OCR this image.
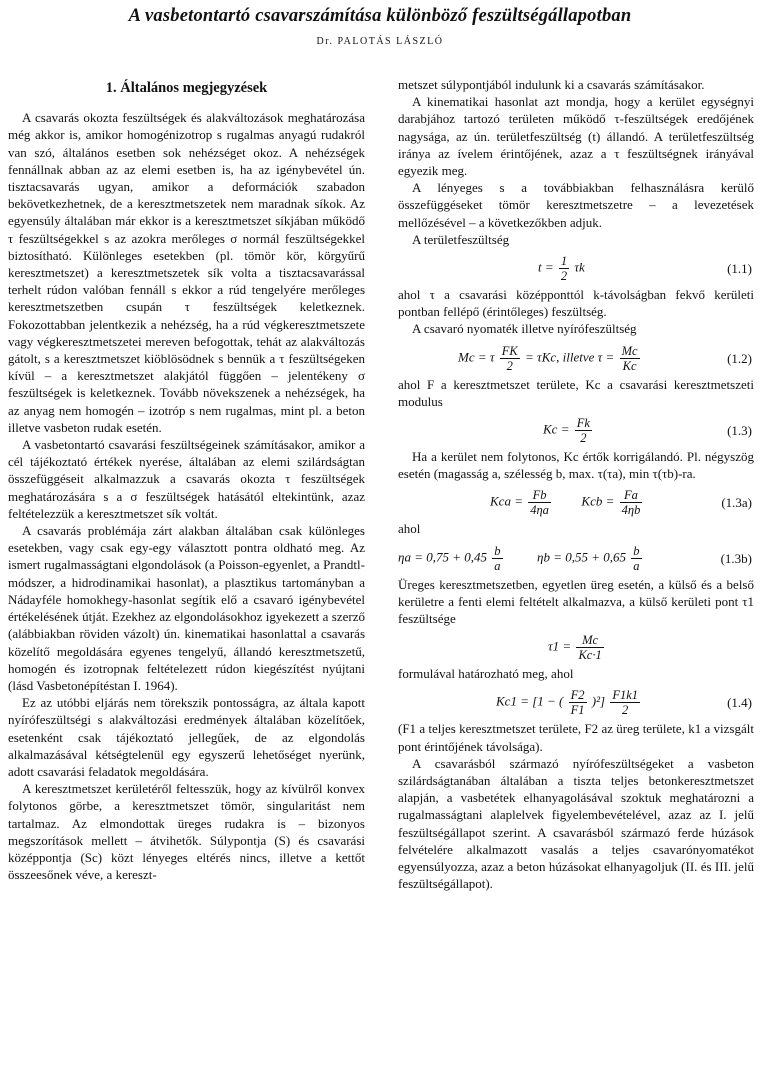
A vasbetontartó csavarszámítása különböző feszültségállapotban
Dr. PALOTÁS LÁSZLÓ
1. Általános megjegyzések

A csavarás okozta feszültségek és alakváltozások meghatározása még akkor is, amikor homogénizotrop s rugalmas anyagú rudakról van szó, általános esetben sok nehézséget okoz. A nehézségek fennállnak abban az az elemi esetben is, ha az igénybevétel ún. tisztacsavarás ugyan, amikor a deformációk szabadon bekövetkezhetnek, de a keresztmetszetek nem maradnak síkok. Az egyensúly általában már ekkor is a keresztmetszet síkjában működő τ feszültségekkel s az azokra merőleges σ normál feszültségekkel biztosítható. Különleges esetekben (pl. tömör kör, körgyűrű keresztmetszet) a keresztmetszetek sík volta a tisztacsavarással terhelt rúdon valóban fennáll s ekkor a rúd tengelyére merőleges keresztmetszetben csupán τ feszültségek keletkeznek. Fokozottabban jelentkezik a nehézség, ha a rúd végkeresztmetszete vagy végkeresztmetszetei mereven befogottak, tehát az alakváltozás gátolt, s a keresztmetszet kiöblösödnek s bennük a τ feszültségeken kívül – a keresztmetszet alakjától függően – jelentékeny σ feszültségek is keletkeznek. Tovább növekszenek a nehézségek, ha az anyag nem homogén – izotróp s nem rugalmas, mint pl. a beton illetve vasbeton rudak esetén.

A vasbetontartó csavarási feszültségeinek számításakor, amikor a cél tájékoztató értékek nyerése, általában az elemi szilárdságtan összefüggéseit alkalmazzuk a csavarás okozta τ feszültségek meghatározására s a σ feszültségek hatásától eltekintünk, azaz feltételezzük a keresztmetszet sík voltát.

A csavarás problémája zárt alakban általában csak különleges esetekben, vagy csak egy-egy választott pontra oldható meg. Az ismert rugalmasságtani elgondolások (a Poisson-egyenlet, a Prandtl-módszer, a hidrodinamikai hasonlat), a plasztikus tartományban a Nádayféle homokhegy-hasonlat segítik elő a csavaró igénybevétel értékelésének útját. Ezekhez az elgondolásokhoz igyekezett a szerző (alábbiakban röviden vázolt) ún. kinematikai hasonlattal a csavarás közelítő megoldására egyenes tengelyű, állandó keresztmetszetű, homogén és izotropnak feltételezett rúdon kiegészítést nyújtani (lásd Vasbetonépítéstan I. 1964).

Ez az utóbbi eljárás nem törekszik pontosságra, az általa kapott nyírófeszültségi s alakváltozási eredmények általában közelítőek, esetenként csak tájékoztató jellegűek, de az elgondolás alkalmazásával kétségtelenül egy egyszerű lehetőséget nyerünk, adott csavarási feladatok megoldására.

A keresztmetszet kerületéről feltesszük, hogy az kívülről konvex folytonos görbe, a keresztmetszet tömör, singularitást nem tartalmaz. Az elmondottak üreges rudakra is – bizonyos megszorítások mellett – átvihetők. Súlypontja (S) és csavarási középpontja (Sc) közt lényeges eltérés nincs, illetve a kettőt összeesőnek véve, a kereszt-

metszet súlypontjából indulunk ki a csavarás számításakor.

A kinematikai hasonlat azt mondja, hogy a kerület egységnyi darabjához tartozó területen működő τ-feszültségek eredőjének nagysága, az ún. területfeszültség (t) állandó. A területfeszültség iránya az ívelem érintőjének, azaz a τ feszültségnek irányával egyezik meg.

A lényeges s a továbbiakban felhasználásra kerülő összefüggéseket tömör keresztmetszetre – a levezetések mellőzésével – a következőkben adjuk.

A területfeszültség

$t = \frac{1}{2}$ τk	(1.1)

ahol τ a csavarási középponttól k-távolságban fekvő kerületi pontban fellépő (érintőleges) feszültség.

A csavaró nyomaték illetve nyírófeszültség

Mc = τ $\frac{FK}{2} = \tau Kc$, illetve $\tau = \frac{Mc}{Kc}$	(1.2)

ahol F a keresztmetszet területe, Kc a csavarási keresztmetszeti modulus

$Kc = \frac{Fk}{2}$	(1.3)

Ha a kerület nem folytonos, Kc értők korrigálandó. Pl. négyszög esetén (magasság a, szélesség b, max. τ(τa), min τ(τb)-ra.

Kca = $\frac{Fb}{4\eta a}$ Kcb = $\frac{Fa}{4\eta b}$	(1.3a)

ahol

$\eta a = 0,75 + 0,45 \frac{b}{a}$	$\eta b = 0,55 + 0,65 \frac{b}{a}$	(1.3b)

Üreges keresztmetszetben, egyetlen üreg esetén, a külső és a belső kerületre a fenti elemi feltételt alkalmazva, a külső kerületi pont τ1 feszültsége

$\tau 1 = \frac{Mc}{Kc\cdot 1}$

formulával határozható meg, ahol

Kc1 = [1 − ( $\frac{F2}{F1} )^2] \frac{F1k1}{2}$	(1.4)

(F1 a teljes keresztmetszet területe, F2 az üreg területe, k1 a vizsgált pont érintőjének távolsága).

A csavarásból származó nyírófeszültségeket a vasbeton szilárdságtanában általában a tiszta teljes betonkeresztmetszet alapján, a vasbetétek elhanyagolásával szoktuk meghatározni a rugalmasságtani alaplelvek figyelembevételével, azaz az I. jelű feszültségállapot szerint. A csavarásból származó ferde húzások felvételére alkalmazott vasalás a teljes csavarónyomatékot egyensúlyozza, azaz a beton húzásokat elhanyagoljuk (II. és III. jelű feszültségállapot).
